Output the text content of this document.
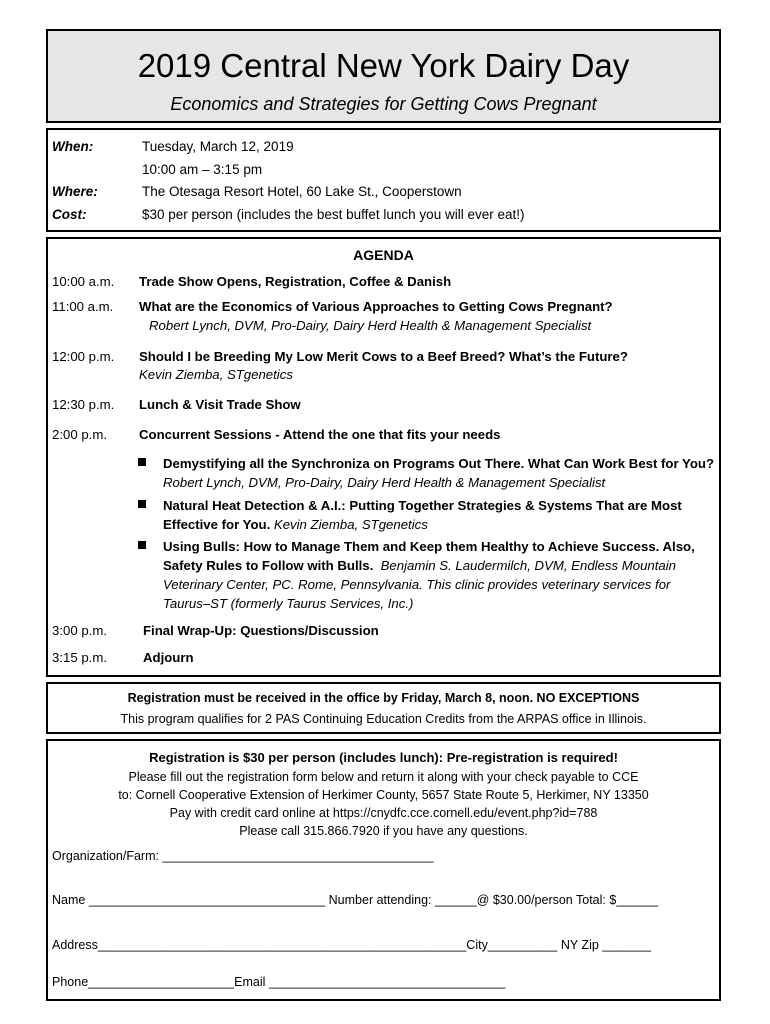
2019 Central New York Dairy Day
Economics and Strategies for Getting Cows Pregnant
When:	Tuesday, March 12, 2019
10:00 am – 3:15 pm
Where:	The Otesaga Resort Hotel, 60 Lake St., Cooperstown
Cost:	$30 per person (includes the best buffet lunch you will ever eat!)
AGENDA
10:00 a.m. Trade Show Opens, Registration, Coffee & Danish
11:00 a.m. What are the Economics of Various Approaches to Getting Cows Pregnant?
Robert Lynch, DVM, Pro-Dairy, Dairy Herd Health & Management Specialist
12:00 p.m. Should I be Breeding My Low Merit Cows to a Beef Breed? What’s the Future?
Kevin Ziemba, STgenetics
12:30 p.m. Lunch & Visit Trade Show
2:00 p.m. Concurrent Sessions - Attend the one that fits your needs
Demystifying all the Synchroniza on Programs Out There. What Can Work Best for You?
Robert Lynch, DVM, Pro-Dairy, Dairy Herd Health & Management Specialist
Natural Heat Detection & A.I.: Putting Together Strategies & Systems That are Most
Effective for You. Kevin Ziemba, STgenetics
Using Bulls: How to Manage Them and Keep them Healthy to Achieve Success. Also,
Safety Rules to Follow with Bulls. Benjamin S. Laudermilch, DVM, Endless Mountain
Veterinary Center, PC. Rome, Pennsylvania. This clinic provides veterinary services for
Taurus–ST (formerly Taurus Services, Inc.)
3:00 p.m.	Final Wrap-Up: Questions/Discussion
3:15 p.m.	Adjourn
Registration must be received in the office by Friday, March 8, noon. NO EXCEPTIONS
This program qualifies for 2 PAS Continuing Education Credits from the ARPAS office in Illinois.
Registration is $30 per person (includes lunch): Pre-registration is required!
Please fill out the registration form below and return it along with your check payable to CCE
to: Cornell Cooperative Extension of Herkimer County, 5657 State Route 5, Herkimer, NY 13350
Pay with credit card online at https://cnydfc.cce.cornell.edu/event.php?id=788
Please call 315.866.7920 if you have any questions.
Organization/Farm: _______________________________________
Name __________________________________ Number attending: ______@ $30.00/person Total: $______
Address_____________________________________________________City__________ NY Zip _______
Phone_____________________Email __________________________________
